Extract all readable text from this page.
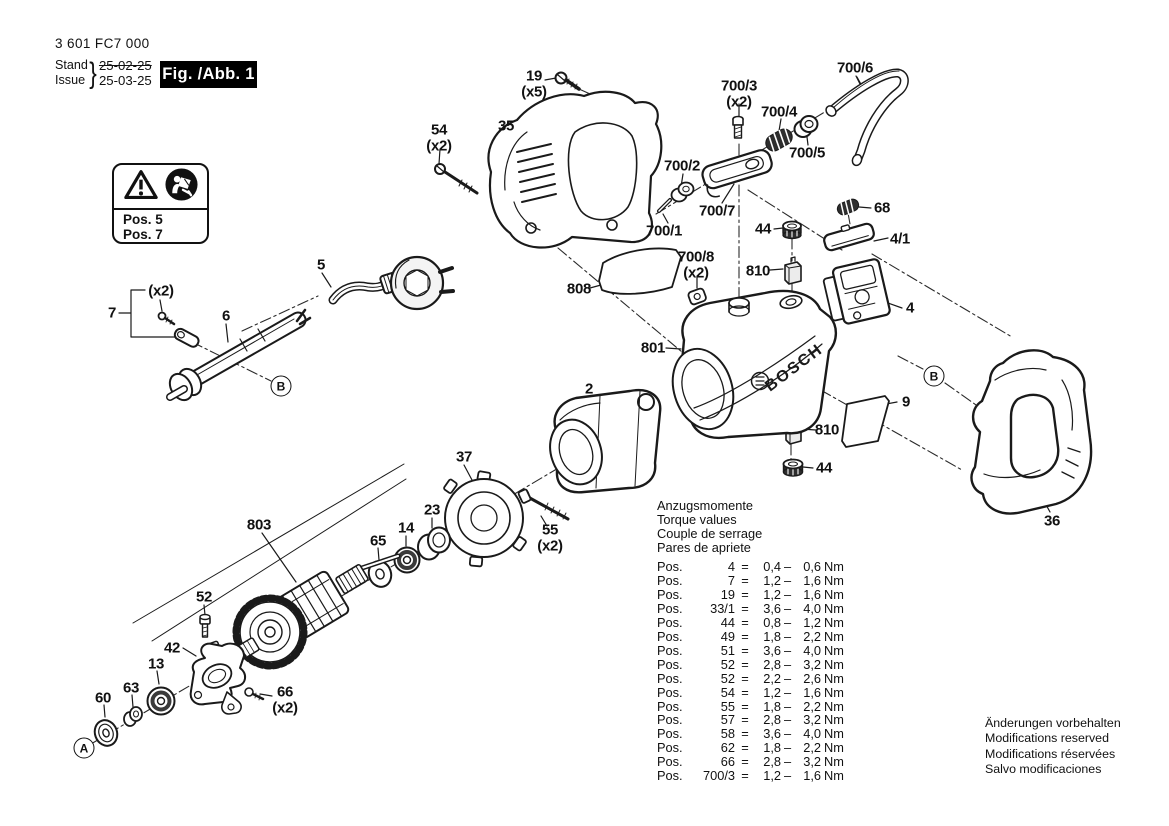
3 601 FC7 000
Stand
Issue } 25-02-25
25-03-25 Fig. /Abb. 1
Pos. 5
Pos. 7
BOSCH
19
(x5)
35
54
(x2)
700/3
(x2)
700/4
700/6
700/5
700/2
700/7
700/1
68
44
4/1
700/8
(x2)	810
808
801
4
(x2)
7	6
5
2
9
810
44
36
37
23
14
65
55
(x2)
803
52
42
13
63
60	66
(x2)
A
B
B
Anzugsmomente
Torque values
Couple de serrage
Pares de apriete
Pos.	4 =	0,4 – 0,6 Nm
Pos.	7 =	1,2 – 1,6 Nm
Pos.	19 =	1,2 – 1,6 Nm
Pos.	33/1 =	3,6 – 4,0 Nm
Pos.	44 =	0,8 – 1,2 Nm
Pos.	49 =	1,8 – 2,2 Nm
Pos.	51 =	3,6 – 4,0 Nm
Pos.	52 =	2,8 – 3,2 Nm
Pos.	52 =	2,2 – 2,6 Nm
Pos.	54 =	1,2 – 1,6 Nm
Pos.	55 =	1,8 – 2,2 Nm
Pos.	57 =	2,8 – 3,2 Nm
Pos.	58 =	3,6 – 4,0 Nm
Pos.	62 =	1,8 – 2,2 Nm
Pos.	66 =	2,8 – 3,2 Nm
Pos.	700/3 =	1,2 – 1,6 Nm
Änderungen vorbehalten
Modifications reserved
Modifications réservées
Salvo modificaciones
